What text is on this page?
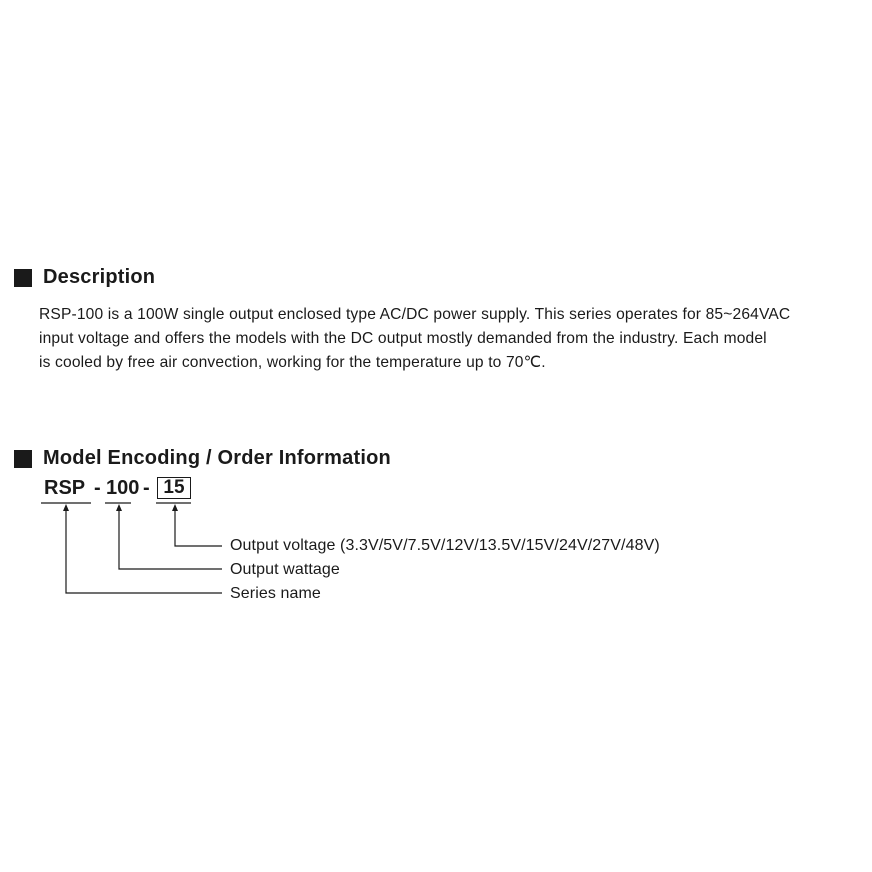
Description

RSP-100 is a 100W single output enclosed type AC/DC power supply. This series operates for 85~264VAC
input voltage and offers the models with the DC output mostly demanded from the industry. Each model
is cooled by free air convection, working for the temperature up to 70℃.

Model Encoding / Order Information
RSP - 100 - 15
Output voltage (3.3V/5V/7.5V/12V/13.5V/15V/24V/27V/48V)
Output wattage
Series name
